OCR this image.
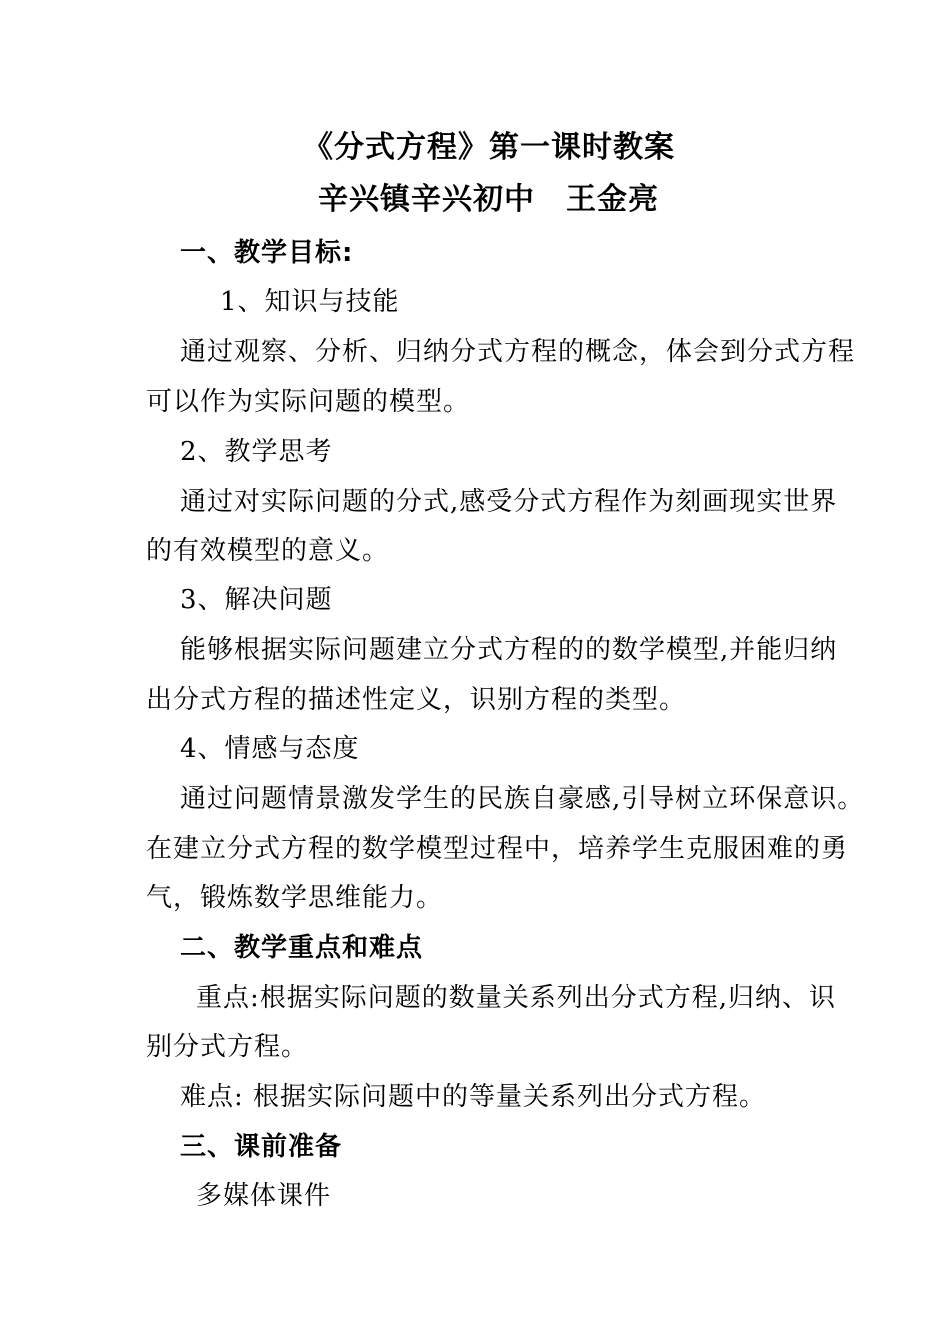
《分式方程》第一课时教案
辛兴镇辛兴初中　王金亮
一、教学目标:
1、知识与技能
通过观察、分析、归纳分式方程的概念，体会到分式方程
可以作为实际问题的模型。
2、教学思考
通过对实际问题的分式,感受分式方程作为刻画现实世界
的有效模型的意义。
3、解决问题
能够根据实际问题建立分式方程的的数学模型,并能归纳
出分式方程的描述性定义，识别方程的类型。
4、情感与态度
通过问题情景激发学生的民族自豪感,引导树立环保意识。
在建立分式方程的数学模型过程中，培养学生克服困难的勇
气，锻炼数学思维能力。
二、教学重点和难点
重点:根据实际问题的数量关系列出分式方程,归纳、识
别分式方程。
难点: 根据实际问题中的等量关系列出分式方程。
三、课前准备
多媒体课件
